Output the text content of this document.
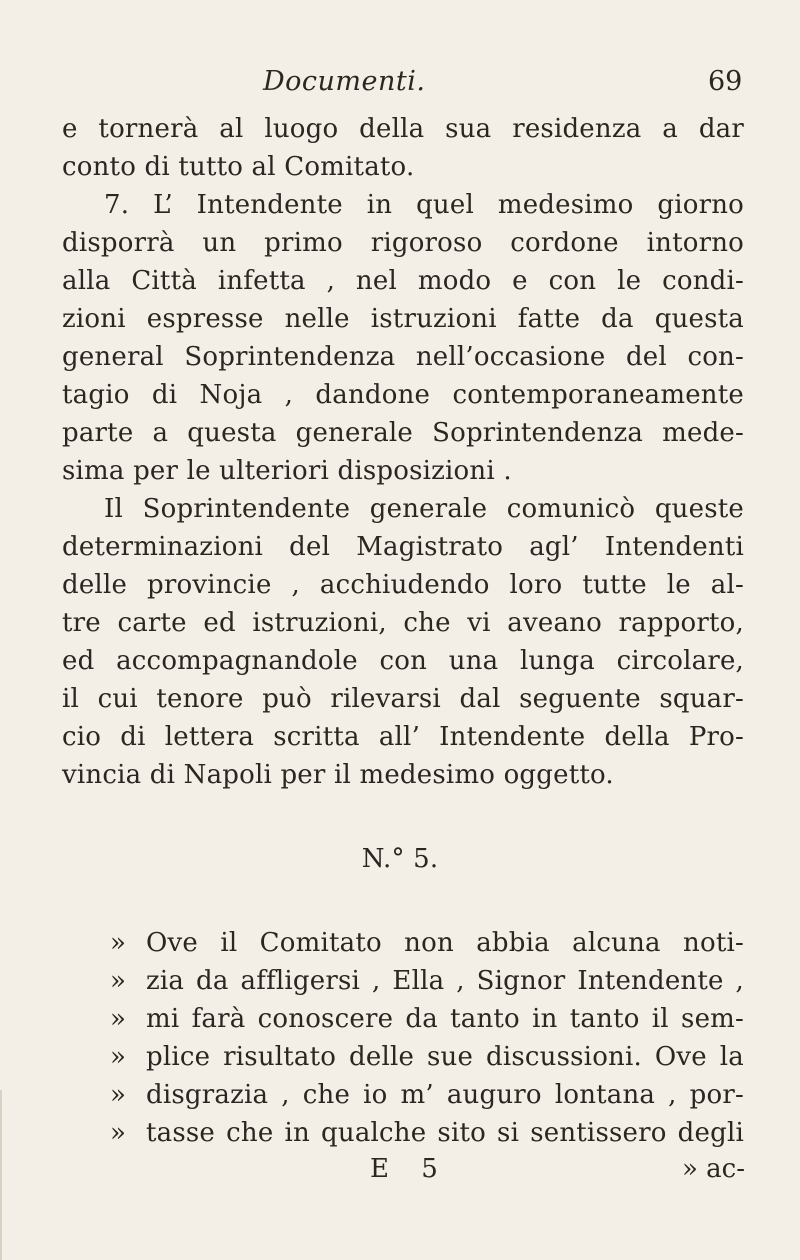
Documenti.	69
e tornerà al luogo della sua residenza a dar
conto di tutto al Comitato.
7. L’ Intendente in quel medesimo giorno
disporrà un primo rigoroso cordone intorno
alla Città infetta , nel modo e con le condi-
zioni espresse nelle istruzioni fatte da questa
general Soprintendenza nell’occasione del con-
tagio di Noja , dandone contemporaneamente
parte a questa generale Soprintendenza mede-
sima per le ulteriori disposizioni .
Il Soprintendente generale comunicò queste
determinazioni del Magistrato agl’ Intendenti
delle provincie , acchiudendo loro tutte le al-
tre carte ed istruzioni, che vi aveano rapporto,
ed accompagnandole con una lunga circolare,
il cui tenore può rilevarsi dal seguente squar-
cio di lettera scritta all’ Intendente della Pro-
vincia di Napoli per il medesimo oggetto.
N.° 5.
» Ove il Comitato non abbia alcuna noti-
» zia da affligersi , Ella , Signor Intendente ,
» mi farà conoscere da tanto in tanto il sem-
» plice risultato delle sue discussioni. Ove la
» disgrazia , che io m’ auguro lontana , por-
» tasse che in qualche sito si sentissero degli
E 5	» ac-
